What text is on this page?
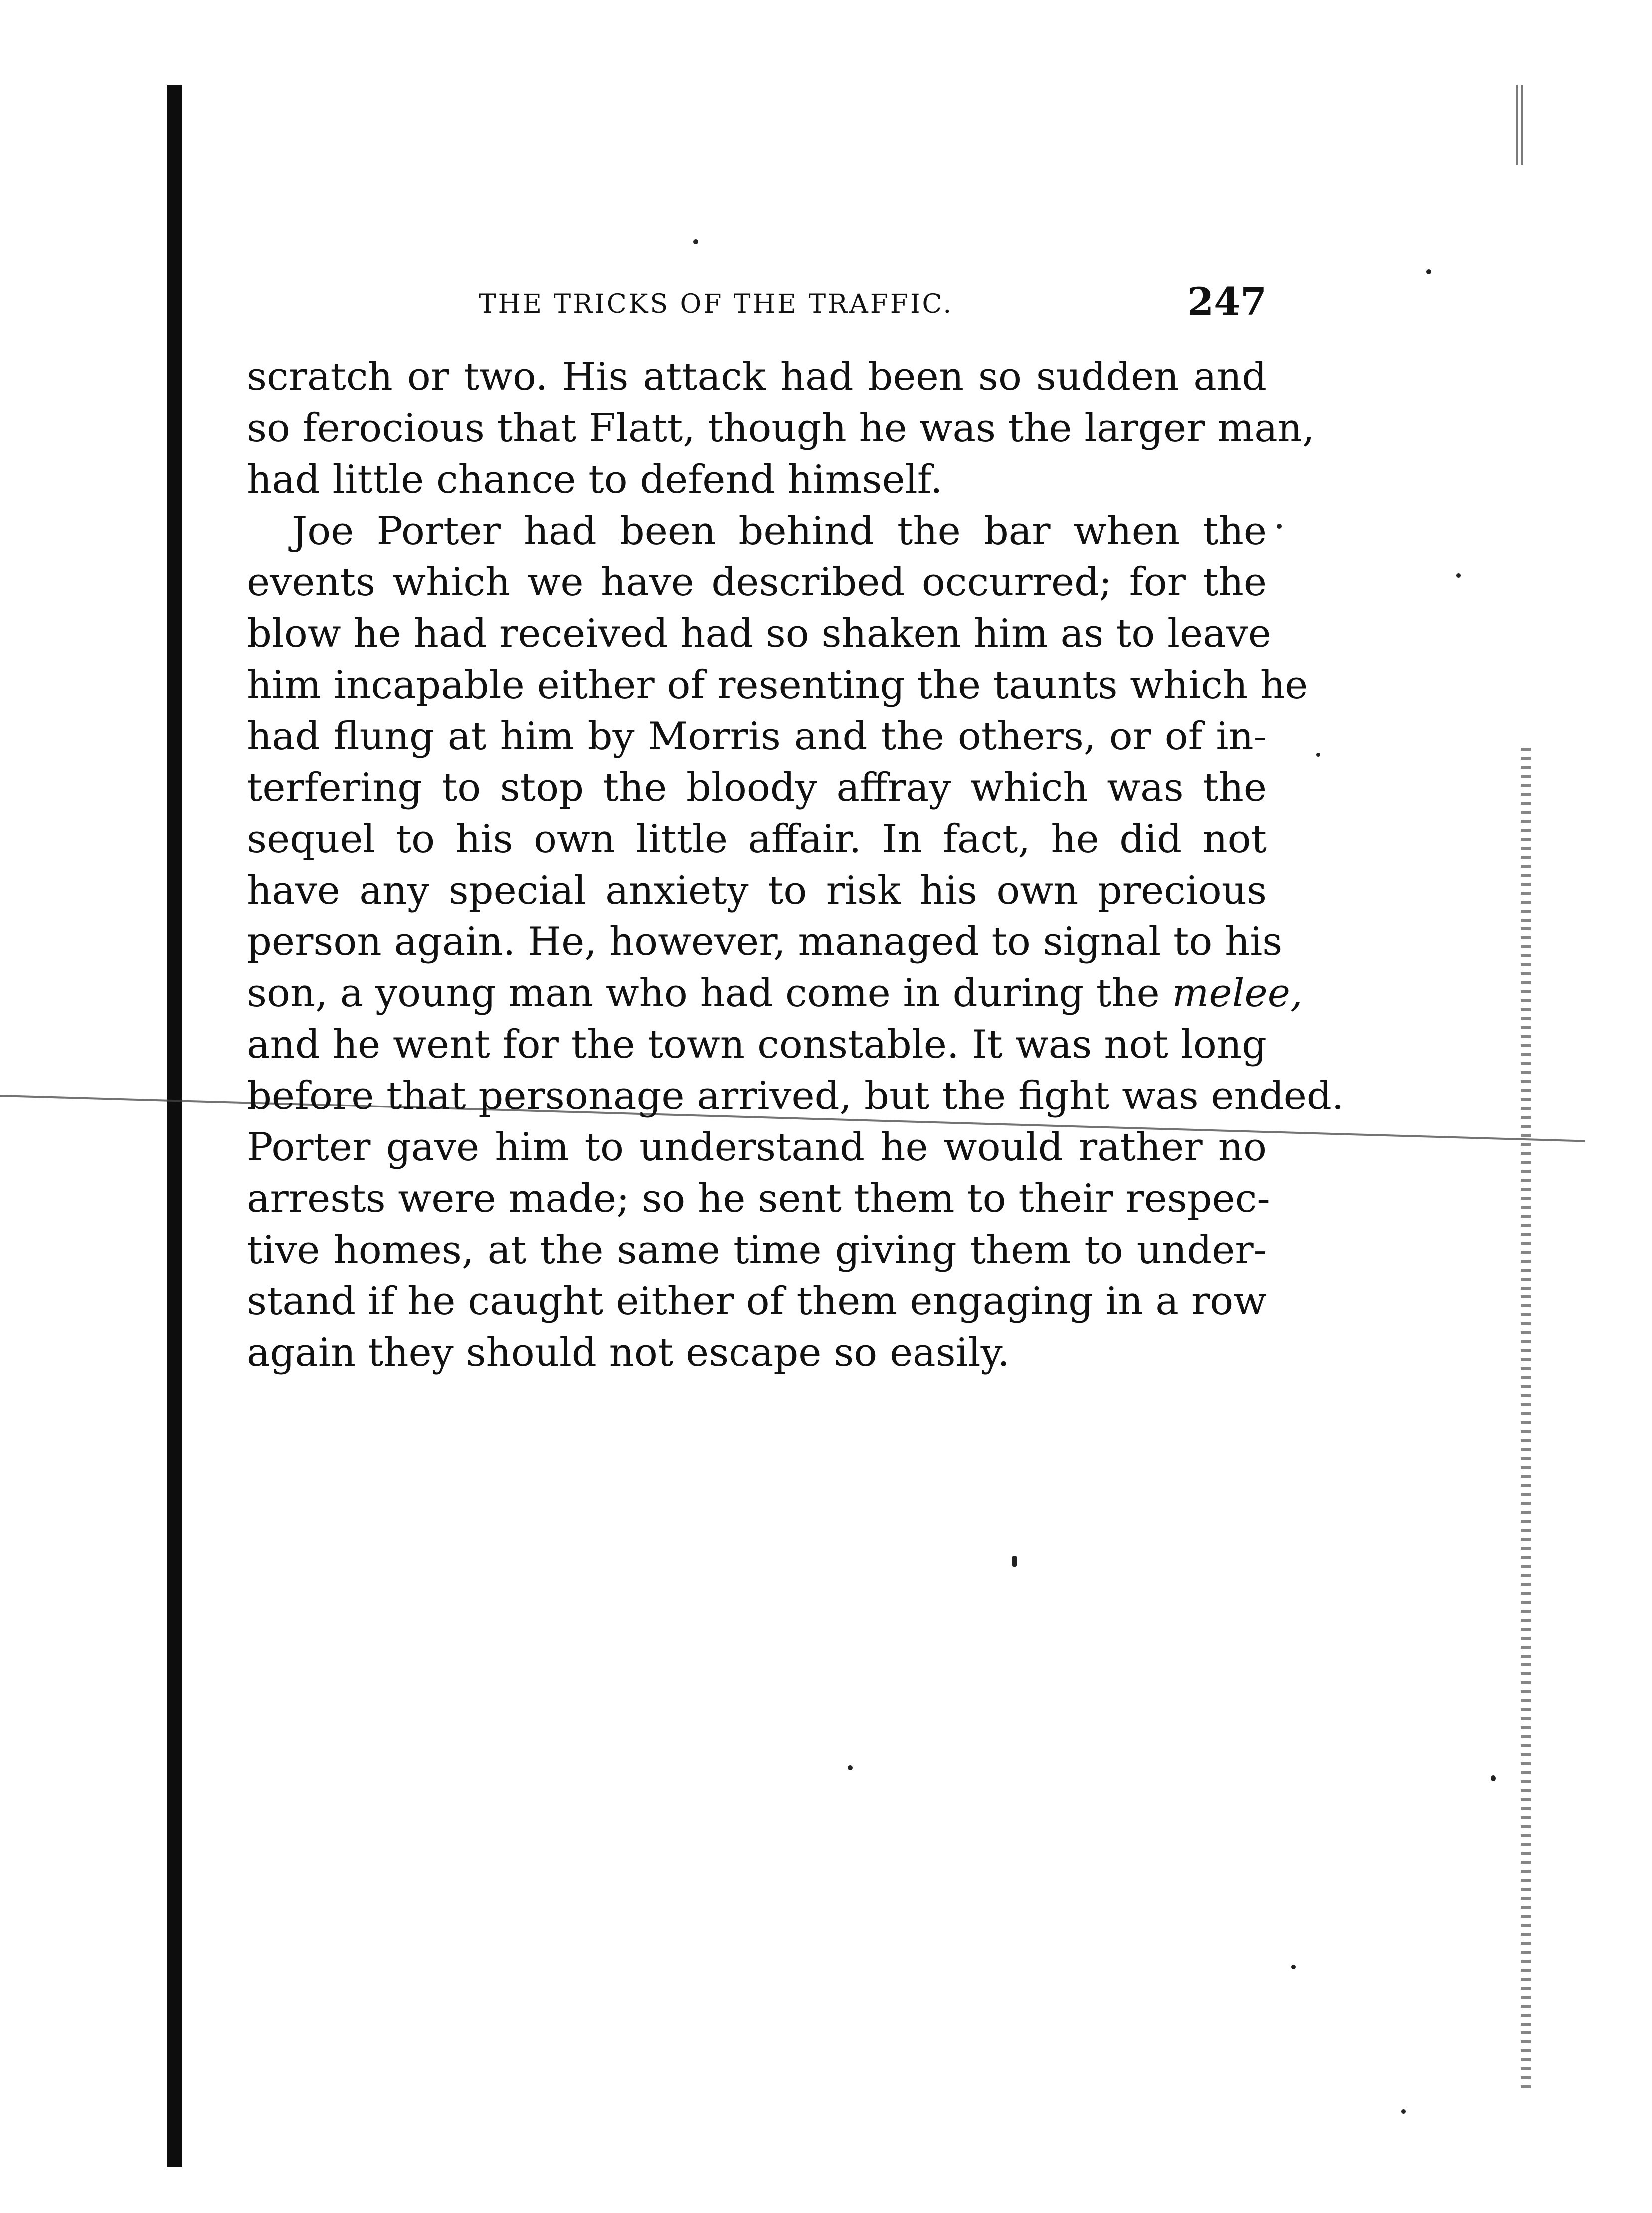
THE TRICKS OF THE TRAFFIC.	247
scratch or two. His attack had been so sudden and
so ferocious that Flatt, though he was the larger man,
had little chance to defend himself.
Joe Porter had been behind the bar when the
events which we have described occurred; for the
blow he had received had so shaken him as to leave
him incapable either of resenting the taunts which he
had flung at him by Morris and the others, or of in-
terfering to stop the bloody affray which was the
sequel to his own little affair. In fact, he did not
have any special anxiety to risk his own precious
person again. He, however, managed to signal to his
son, a young man who had come in during the melee,
and he went for the town constable. It was not long
before that personage arrived, but the fight was ended.
Porter gave him to understand he would rather no
arrests were made; so he sent them to their respec-
tive homes, at the same time giving them to under-
stand if he caught either of them engaging in a row
again they should not escape so easily.
